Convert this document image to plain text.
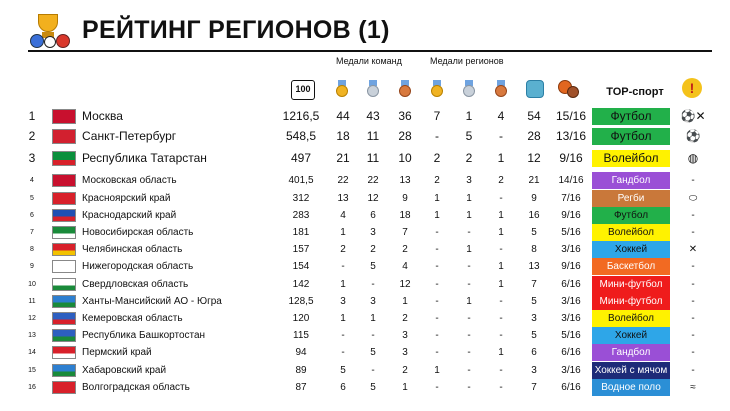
РЕЙТИНГ РЕГИОНОВ (1)
Медали команд	Медали регионов
100	ТОР-спорт	!
1	Москва	1216,5	44	43	36	7	1	4	54	15/16	Футбол	⚽✕
2	Санкт-Петербург	548,5	18	11	28	-	5	-	28	13/16	Футбол	⚽
3	Республика Татарстан	497	21	11	10	2	2	1	12	9/16	Волейбол	◍
4	Московская область	401,5	22	22	13	2	3	2	21	14/16	Гандбол	-
5	Красноярский край	312	13	12	9	1	1	-	9	7/16	Регби	⬭
6	Краснодарский край	283	4	6	18	1	1	1	16	9/16	Футбол	-
7	Новосибирская область	181	1	3	7	-	-	1	5	5/16	Волейбол	-
8	Челябинская область	157	2	2	2	-	1	-	8	3/16	Хоккей	✕
9	Нижегородская область	154	-	5	4	-	-	1	13	9/16	Баскетбол	-
10	Свердловская область	142	1	-	12	-	-	1	7	6/16	Мини-футбол	-
11	Ханты-Мансийский АО - Югра	128,5	3	3	1	-	1	-	5	3/16	Мини-футбол	-
12	Кемеровская область	120	1	1	2	-	-	-	3	3/16	Волейбол	-
13	Республика Башкортостан	115	-	-	3	-	-	-	5	5/16	Хоккей	-
14	Пермский край	94	-	5	3	-	-	1	6	6/16	Гандбол	-
15	Хабаровский край	89	5	-	2	1	-	-	3	3/16	Хоккей с мячом	-
16	Волгоградская область	87	6	5	1	-	-	-	7	6/16	Водное поло	≈
